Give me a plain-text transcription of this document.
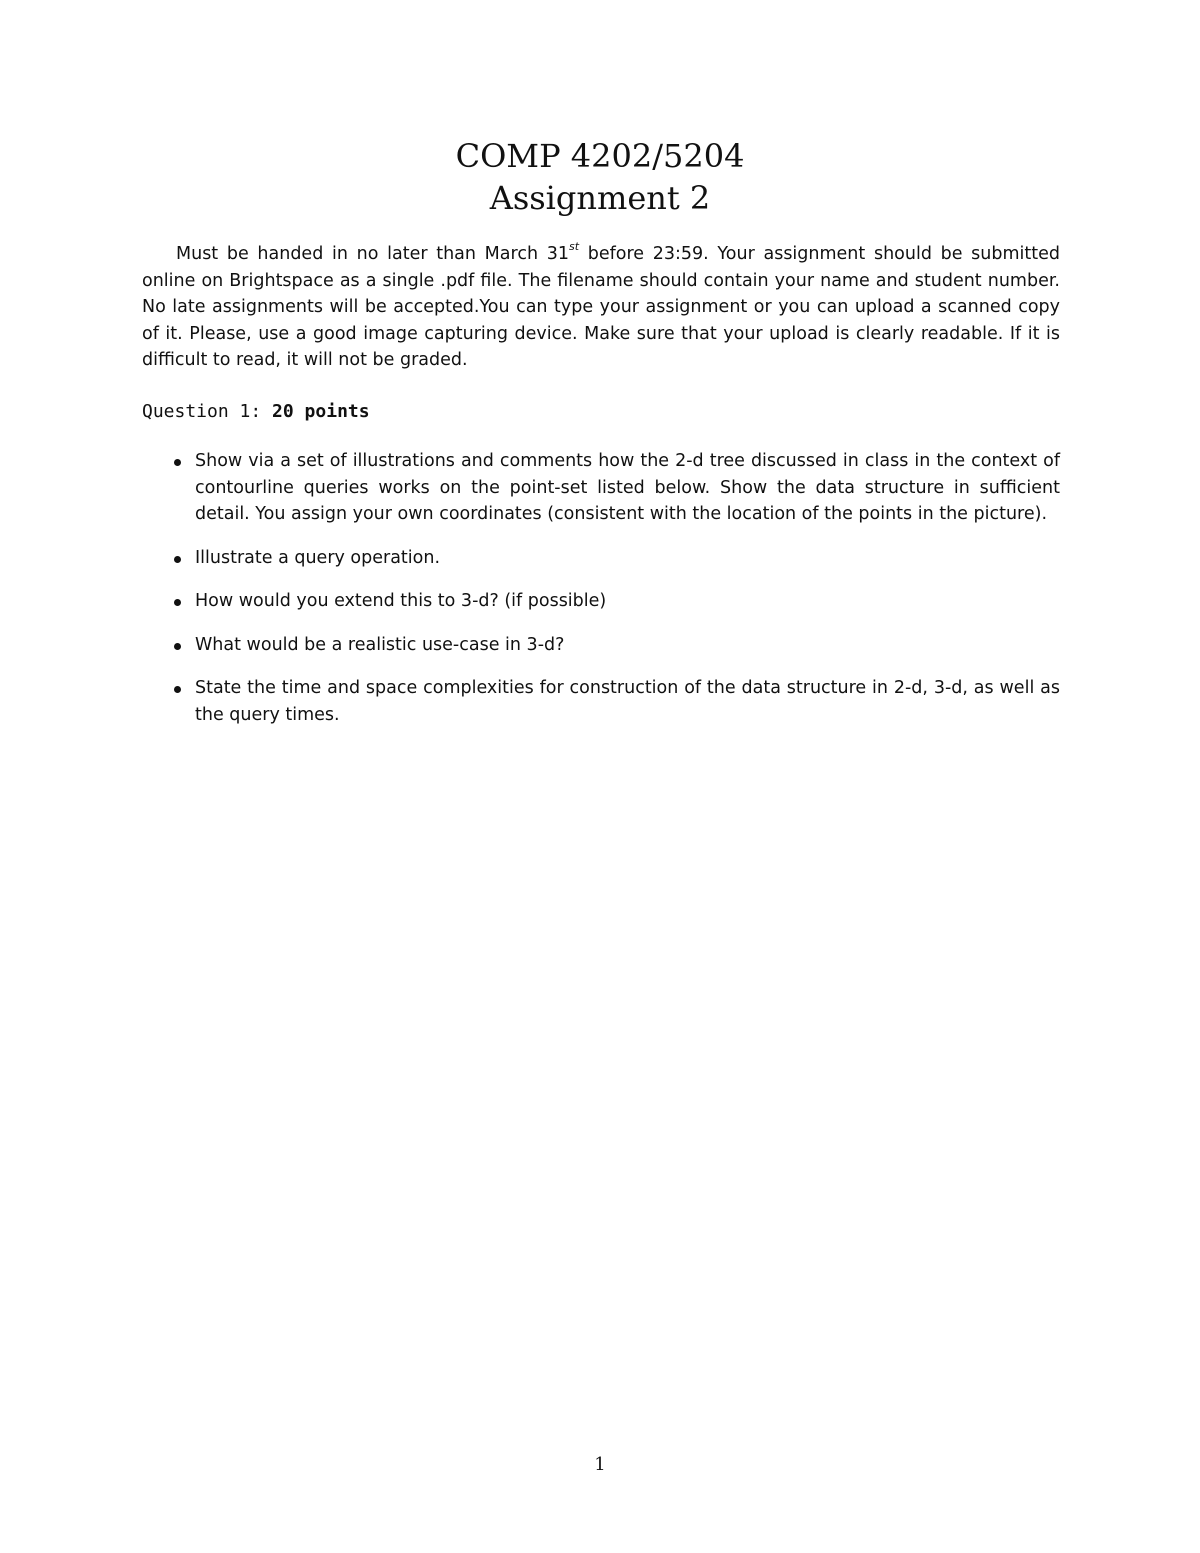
COMP 4202/5204
Assignment 2

Must be handed in no later than March 31st before 23:59. Your assignment should be submitted online on Brightspace as a single .pdf file. The filename should contain your name and student number. No late assignments will be accepted.You can type your assignment or you can upload a scanned copy of it. Please, use a good image capturing device. Make sure that your upload is clearly readable. If it is difficult to read, it will not be graded.

Question 1: 20 points
Show via a set of illustrations and comments how the 2-d tree discussed in class in the context of contourline queries works on the point-set listed below. Show the data structure in sufficient detail. You assign your own coordinates (consistent with the location of the points in the picture).
Illustrate a query operation.
How would you extend this to 3-d? (if possible)
What would be a realistic use-case in 3-d?
State the time and space complexities for construction of the data structure in 2-d, 3-d, as well as the query times.
1
